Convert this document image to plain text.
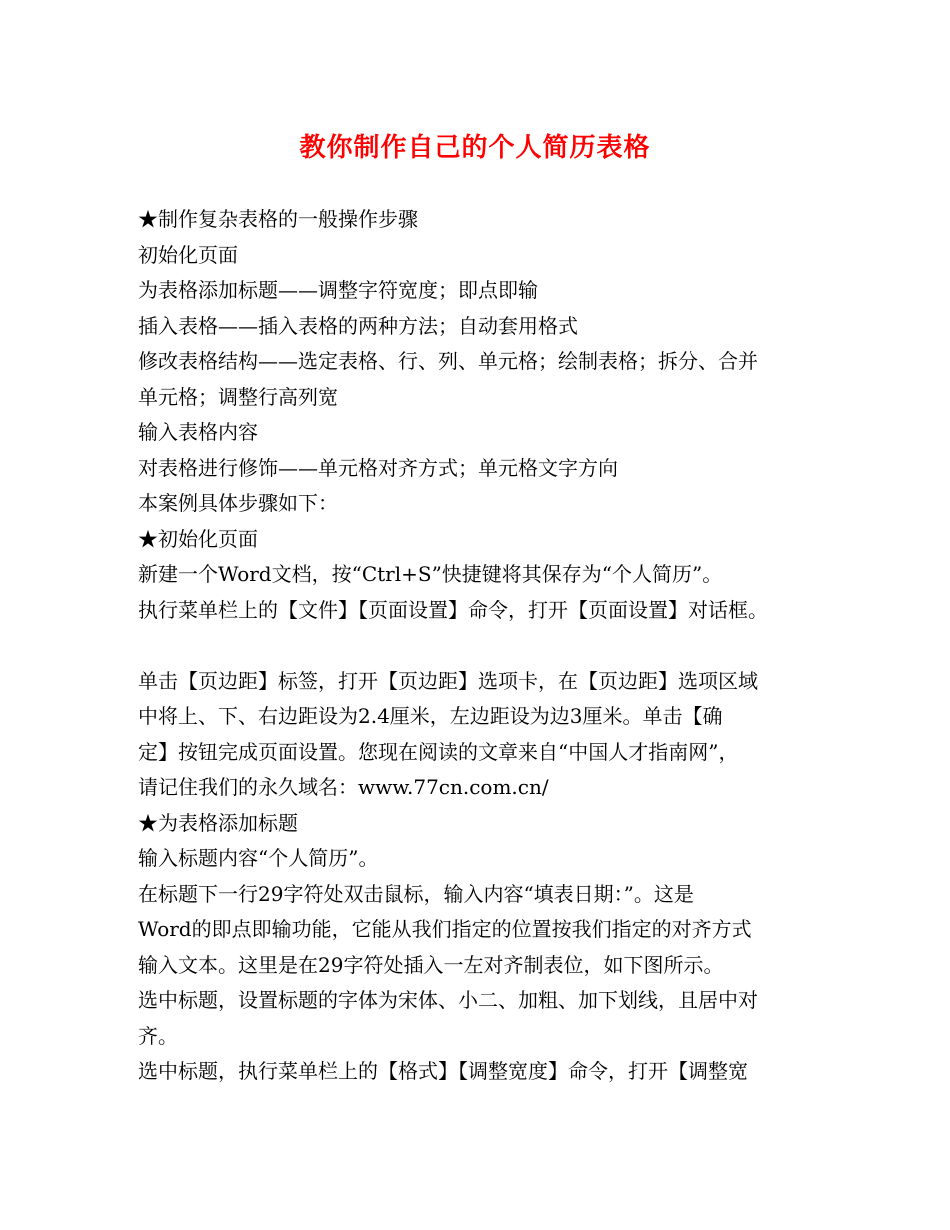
教你制作自己的个人简历表格
★制作复杂表格的一般操作步骤
初始化页面
为表格添加标题——调整字符宽度；即点即输
插入表格——插入表格的两种方法；自动套用格式
修改表格结构——选定表格、行、列、单元格；绘制表格；拆分、合并
单元格；调整行高列宽
输入表格内容
对表格进行修饰——单元格对齐方式；单元格文字方向
本案例具体步骤如下：
★初始化页面
新建一个Word文档，按“Ctrl+S”快捷键将其保存为“个人简历”。
执行菜单栏上的【文件】【页面设置】命令，打开【页面设置】对话框。
单击【页边距】标签，打开【页边距】选项卡，在【页边距】选项区域
中将上、下、右边距设为2.4厘米，左边距设为边3厘米。单击【确
定】按钮完成页面设置。您现在阅读的文章来自“中国人才指南网”，
请记住我们的永久域名：www.77cn.com.cn/
★为表格添加标题
输入标题内容“个人简历”。
在标题下一行29字符处双击鼠标，输入内容“填表日期：”。这是
Word的即点即输功能，它能从我们指定的位置按我们指定的对齐方式
输入文本。这里是在29字符处插入一左对齐制表位，如下图所示。
选中标题，设置标题的字体为宋体、小二、加粗、加下划线，且居中对
齐。
选中标题，执行菜单栏上的【格式】【调整宽度】命令，打开【调整宽
